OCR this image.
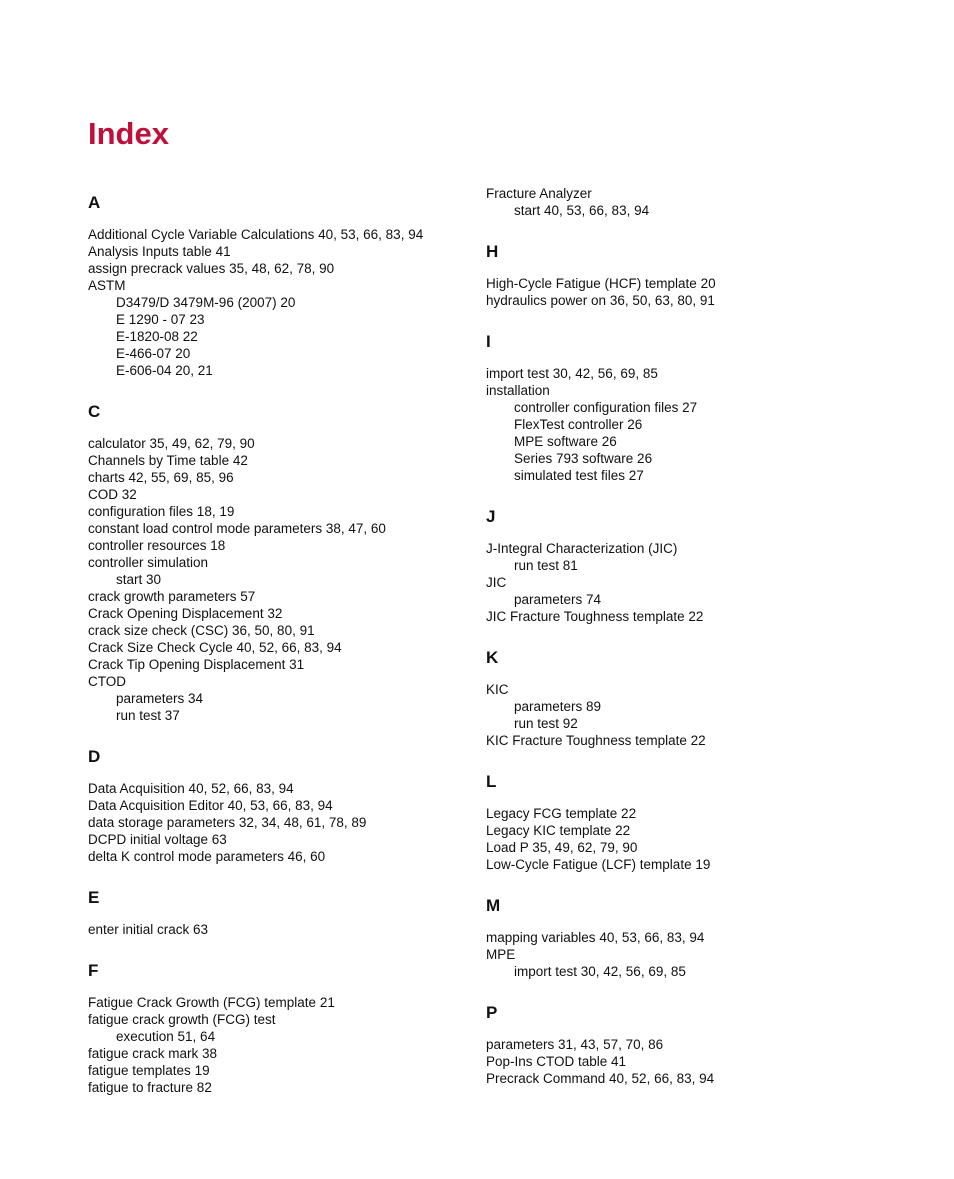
Index
A
Additional Cycle Variable Calculations 40, 53, 66, 83, 94
Analysis Inputs table 41
assign precrack values 35, 48, 62, 78, 90
ASTM
D3479/D 3479M-96 (2007) 20
E 1290 - 07 23
E-1820-08 22
E-466-07 20
E-606-04 20, 21
C
calculator 35, 49, 62, 79, 90
Channels by Time table 42
charts 42, 55, 69, 85, 96
COD 32
configuration files 18, 19
constant load control mode parameters 38, 47, 60
controller resources 18
controller simulation
start 30
crack growth parameters 57
Crack Opening Displacement 32
crack size check (CSC) 36, 50, 80, 91
Crack Size Check Cycle 40, 52, 66, 83, 94
Crack Tip Opening Displacement 31
CTOD
parameters 34
run test 37
D
Data Acquisition 40, 52, 66, 83, 94
Data Acquisition Editor 40, 53, 66, 83, 94
data storage parameters 32, 34, 48, 61, 78, 89
DCPD initial voltage 63
delta K control mode parameters 46, 60
E
enter initial crack 63
F
Fatigue Crack Growth (FCG) template 21
fatigue crack growth (FCG) test
execution 51, 64
fatigue crack mark 38
fatigue templates 19
fatigue to fracture 82
Fracture Analyzer
start 40, 53, 66, 83, 94
H
High-Cycle Fatigue (HCF) template 20
hydraulics power on 36, 50, 63, 80, 91
I
import test 30, 42, 56, 69, 85
installation
controller configuration files 27
FlexTest controller 26
MPE software 26
Series 793 software 26
simulated test files 27
J
J-Integral Characterization (JIC)
run test 81
JIC
parameters 74
JIC Fracture Toughness template 22
K
KIC
parameters 89
run test 92
KIC Fracture Toughness template 22
L
Legacy FCG template 22
Legacy KIC template 22
Load P 35, 49, 62, 79, 90
Low-Cycle Fatigue (LCF) template 19
M
mapping variables 40, 53, 66, 83, 94
MPE
import test 30, 42, 56, 69, 85
P
parameters 31, 43, 57, 70, 86
Pop-Ins CTOD table 41
Precrack Command 40, 52, 66, 83, 94
